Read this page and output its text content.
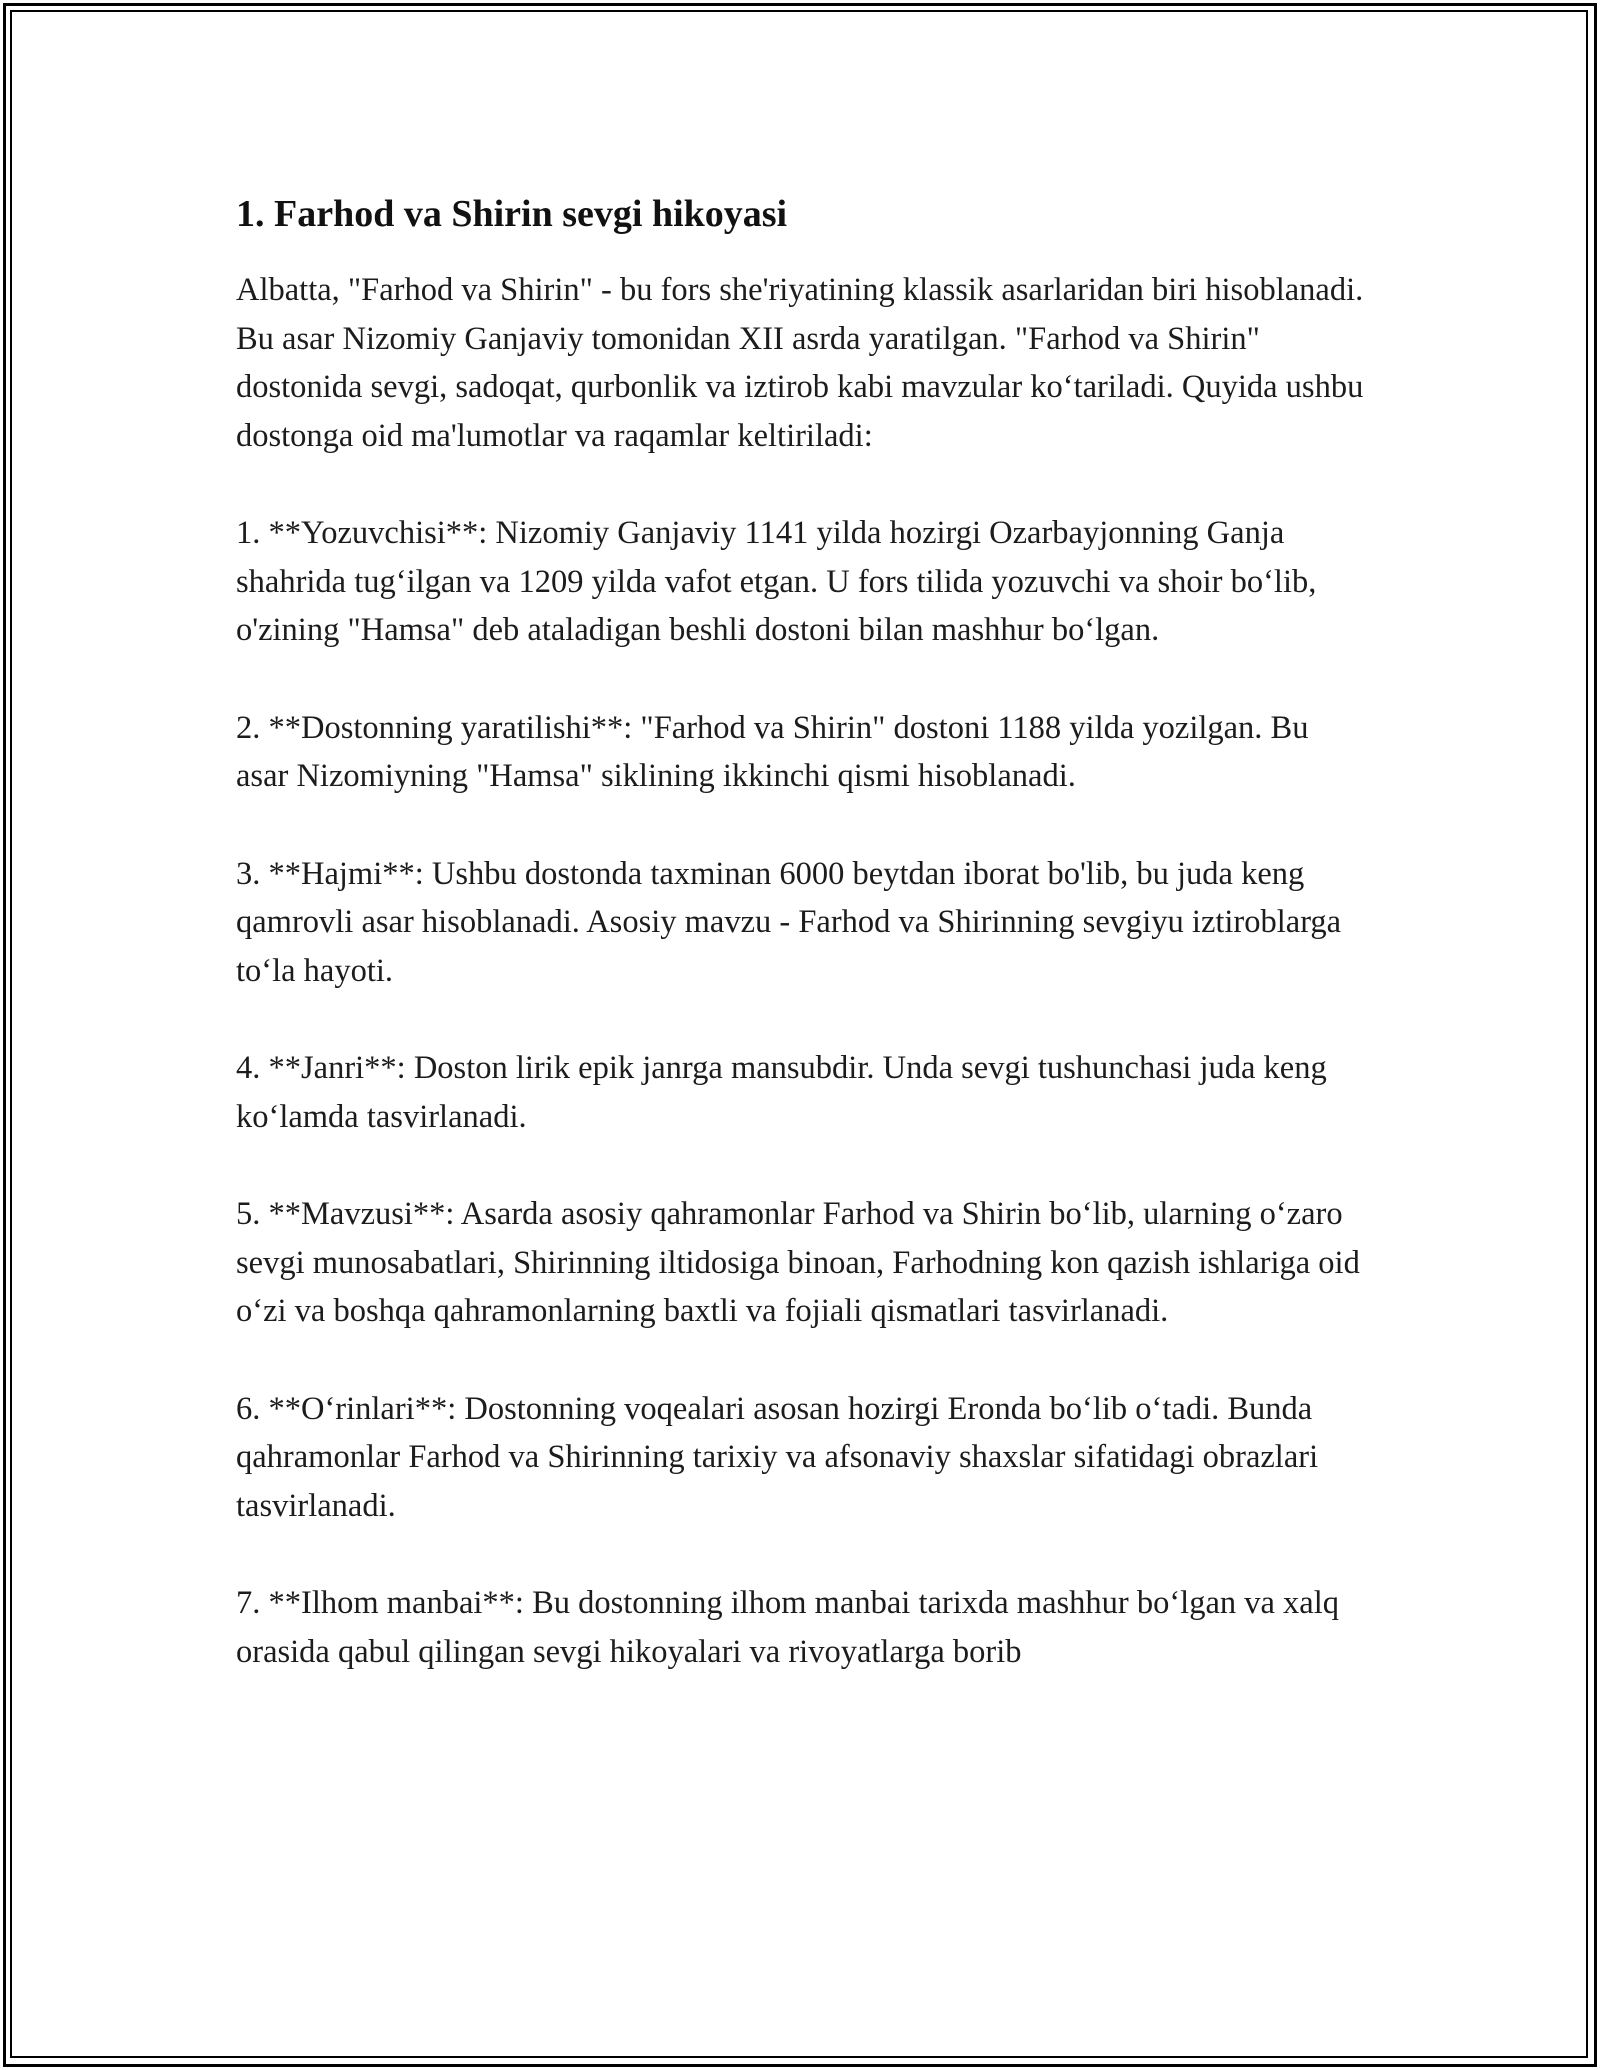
1. Farhod va Shirin sevgi hikoyasi

Albatta, "Farhod va Shirin" - bu fors she'riyatining klassik asarlaridan biri hisoblanadi. Bu asar Nizomiy Ganjaviy tomonidan XII asrda yaratilgan. "Farhod va Shirin" dostonida sevgi, sadoqat, qurbonlik va iztirob kabi mavzular koʻtariladi. Quyida ushbu dostonga oid ma'lumotlar va raqamlar keltiriladi:

1. **Yozuvchisi**: Nizomiy Ganjaviy 1141 yilda hozirgi Ozarbayjonning Ganja shahrida tugʻilgan va 1209 yilda vafot etgan. U fors tilida yozuvchi va shoir boʻlib, o'zining "Hamsa" deb ataladigan beshli dostoni bilan mashhur boʻlgan.

2. **Dostonning yaratilishi**: "Farhod va Shirin" dostoni 1188 yilda yozilgan. Bu asar Nizomiyning "Hamsa" siklining ikkinchi qismi hisoblanadi.

3. **Hajmi**: Ushbu dostonda taxminan 6000 beytdan iborat bo'lib, bu juda keng qamrovli asar hisoblanadi. Asosiy mavzu - Farhod va Shirinning sevgiyu iztiroblarga toʻla hayoti.

4. **Janri**: Doston lirik epik janrga mansubdir. Unda sevgi tushunchasi juda keng koʻlamda tasvirlanadi.

5. **Mavzusi**: Asarda asosiy qahramonlar Farhod va Shirin boʻlib, ularning oʻzaro sevgi munosabatlari, Shirinning iltidosiga binoan, Farhodning kon qazish ishlariga oid oʻzi va boshqa qahramonlarning baxtli va fojiali qismatlari tasvirlanadi.

6. **Oʻrinlari**: Dostonning voqealari asosan hozirgi Eronda boʻlib oʻtadi. Bunda qahramonlar Farhod va Shirinning tarixiy va afsonaviy shaxslar sifatidagi obrazlari tasvirlanadi.

7. **Ilhom manbai**: Bu dostonning ilhom manbai tarixda mashhur boʻlgan va xalq orasida qabul qilingan sevgi hikoyalari va rivoyatlarga borib
